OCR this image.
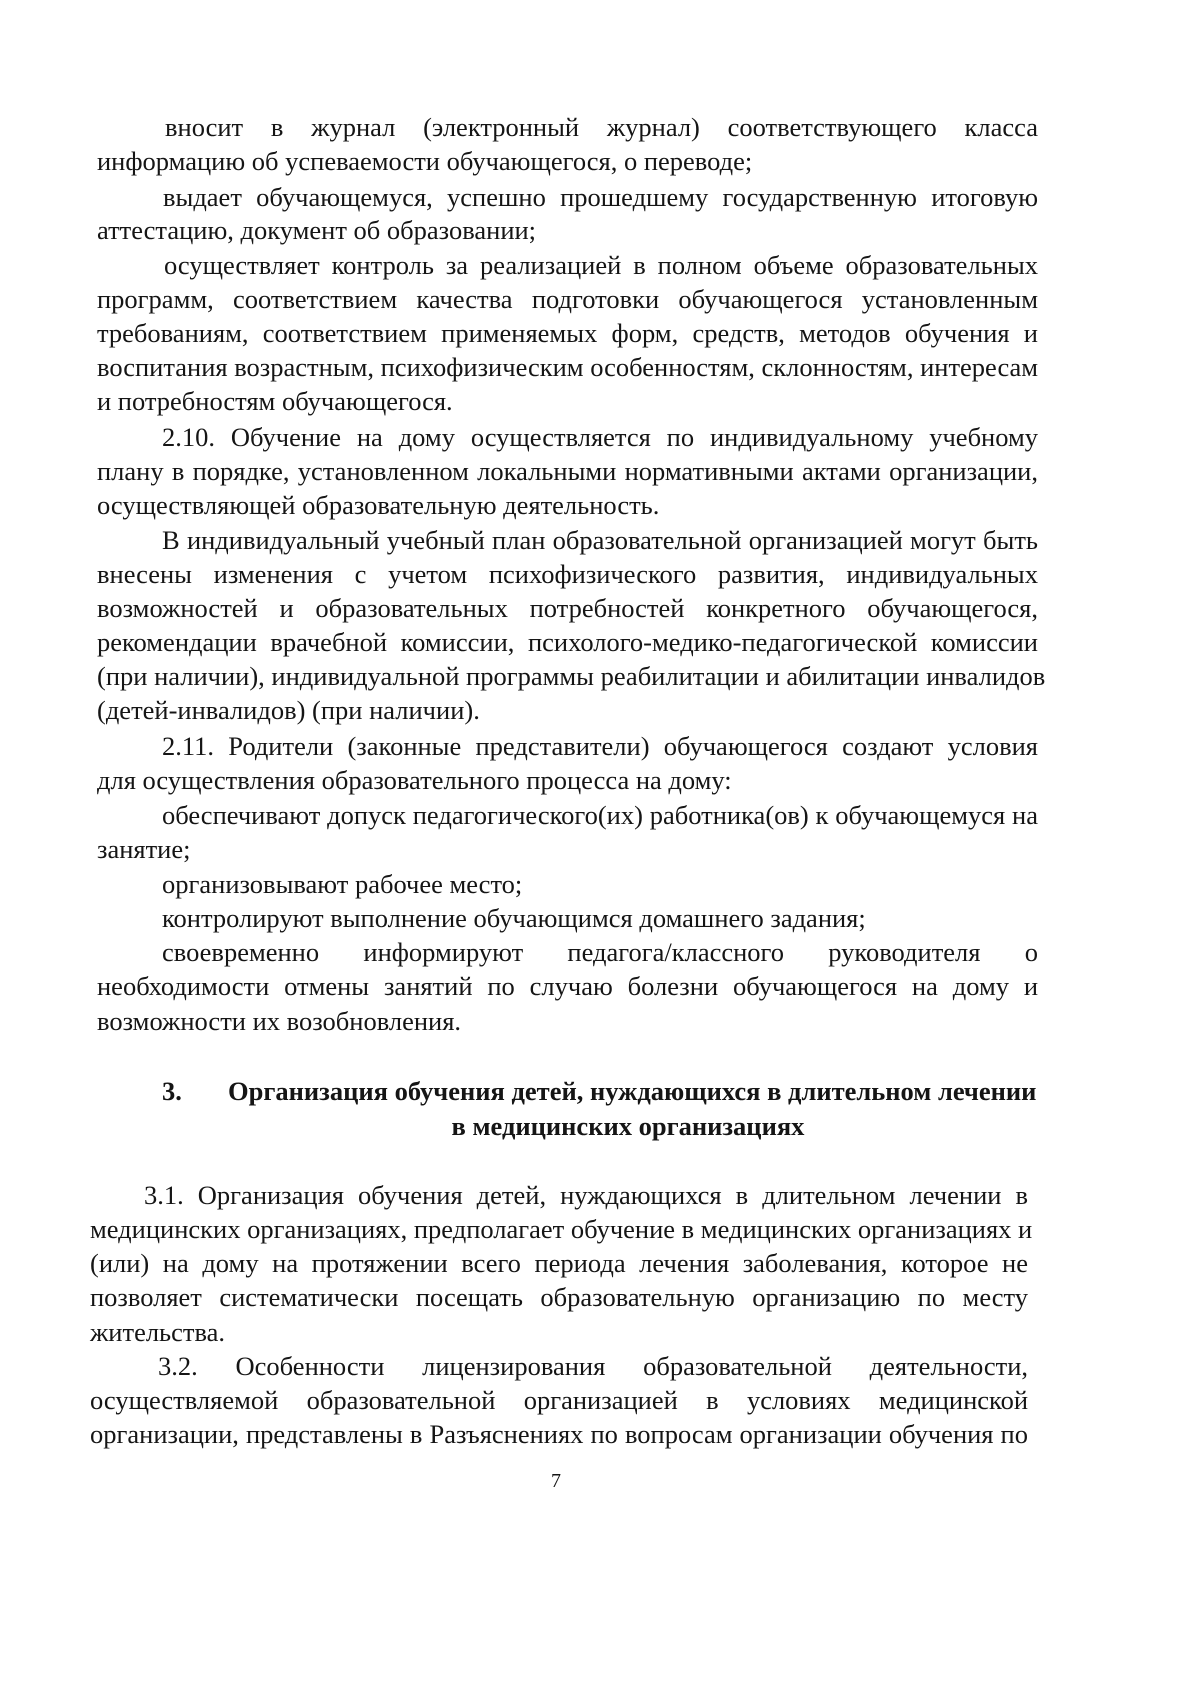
вносит в журнал (электронный журнал) соответствующего класса
информацию об успеваемости обучающегося, о переводе;
выдает обучающемуся, успешно прошедшему государственную итоговую
аттестацию, документ об образовании;
осуществляет контроль за реализацией в полном объеме образовательных
программ, соответствием качества подготовки обучающегося установленным
требованиям, соответствием применяемых форм, средств, методов обучения и
воспитания возрастным, психофизическим особенностям, склонностям, интересам
и потребностям обучающегося.
2.10. Обучение на дому осуществляется по индивидуальному учебному
плану в порядке, установленном локальными нормативными актами организации,
осуществляющей образовательную деятельность.
В индивидуальный учебный план образовательной организацией могут быть
внесены изменения с учетом психофизического развития, индивидуальных
возможностей и образовательных потребностей конкретного обучающегося,
рекомендации врачебной комиссии, психолого-медико-педагогической комиссии
(при наличии), индивидуальной программы реабилитации и абилитации инвалидов
(детей-инвалидов) (при наличии).
2.11. Родители (законные представители) обучающегося создают условия
для осуществления образовательного процесса на дому:
обеспечивают допуск педагогического(их) работника(ов) к обучающемуся на
занятие;
организовывают рабочее место;
контролируют выполнение обучающимся домашнего задания;
своевременно информируют педагога/классного руководителя о
необходимости отмены занятий по случаю болезни обучающегося на дому и
возможности их возобновления.
3. Организация обучения детей, нуждающихся в длительном лечении
в медицинских организациях
3.1. Организация обучения детей, нуждающихся в длительном лечении в
медицинских организациях, предполагает обучение в медицинских организациях и
(или) на дому на протяжении всего периода лечения заболевания, которое не
позволяет систематически посещать образовательную организацию по месту
жительства.
3.2. Особенности лицензирования образовательной деятельности,
осуществляемой образовательной организацией в условиях медицинской
организации, представлены в Разъяснениях по вопросам организации обучения по
7
